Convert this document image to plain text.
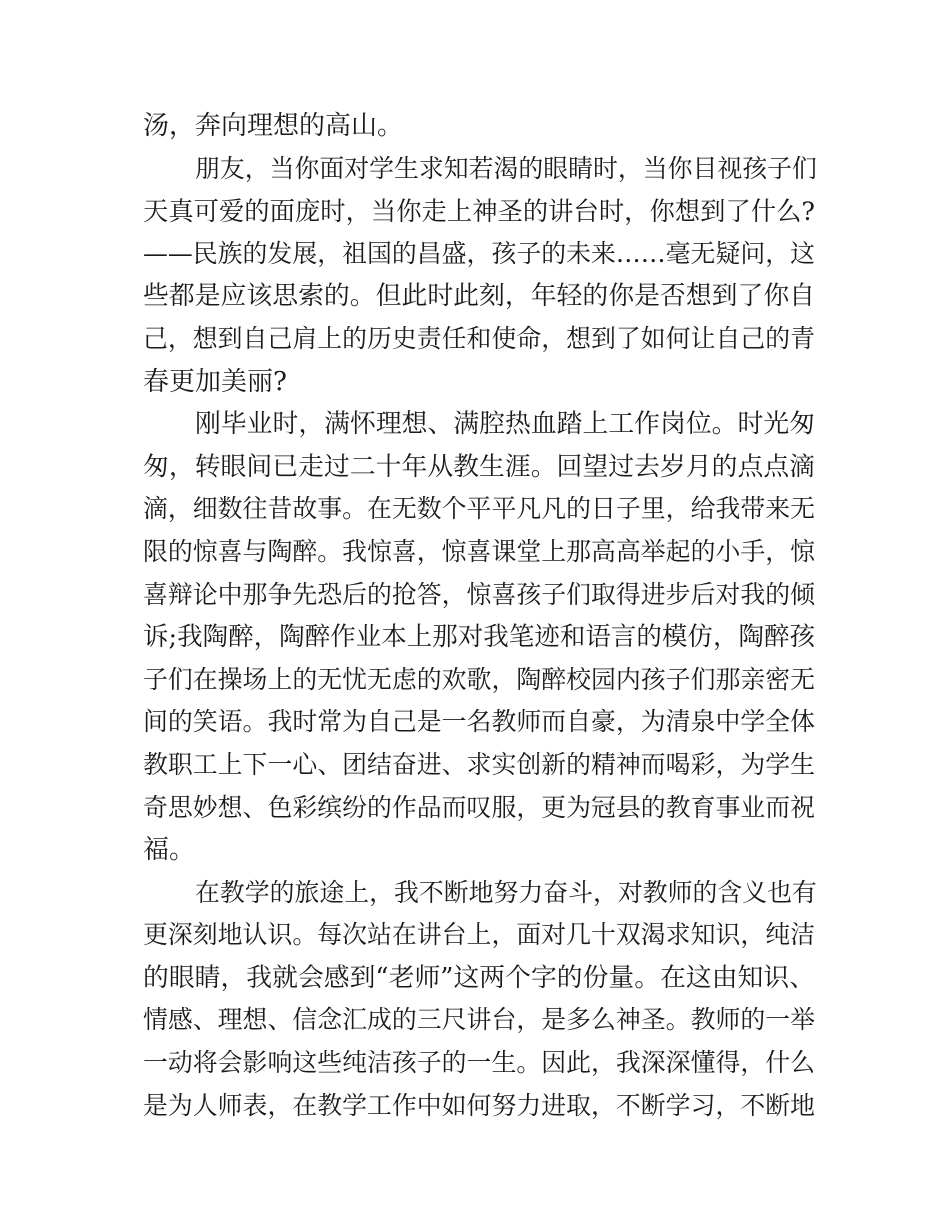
汤，奔向理想的高山。
朋友，当你面对学生求知若渴的眼睛时，当你目视孩子们
天真可爱的面庞时，当你走上神圣的讲台时，你想到了什么?
——民族的发展，祖国的昌盛，孩子的未来……毫无疑问，这
些都是应该思索的。但此时此刻，年轻的你是否想到了你自
己，想到自己肩上的历史责任和使命，想到了如何让自己的青
春更加美丽?
刚毕业时，满怀理想、满腔热血踏上工作岗位。时光匆
匆，转眼间已走过二十年从教生涯。回望过去岁月的点点滴
滴，细数往昔故事。在无数个平平凡凡的日子里，给我带来无
限的惊喜与陶醉。我惊喜，惊喜课堂上那高高举起的小手，惊
喜辩论中那争先恐后的抢答，惊喜孩子们取得进步后对我的倾
诉;我陶醉，陶醉作业本上那对我笔迹和语言的模仿，陶醉孩
子们在操场上的无忧无虑的欢歌，陶醉校园内孩子们那亲密无
间的笑语。我时常为自己是一名教师而自豪，为清泉中学全体
教职工上下一心、团结奋进、求实创新的精神而喝彩，为学生
奇思妙想、色彩缤纷的作品而叹服，更为冠县的教育事业而祝
福。
在教学的旅途上，我不断地努力奋斗，对教师的含义也有
更深刻地认识。每次站在讲台上，面对几十双渴求知识，纯洁
的眼睛，我就会感到“老师”这两个字的份量。在这由知识、
情感、理想、信念汇成的三尺讲台，是多么神圣。教师的一举
一动将会影响这些纯洁孩子的一生。因此，我深深懂得，什么
是为人师表，在教学工作中如何努力进取，不断学习，不断地
